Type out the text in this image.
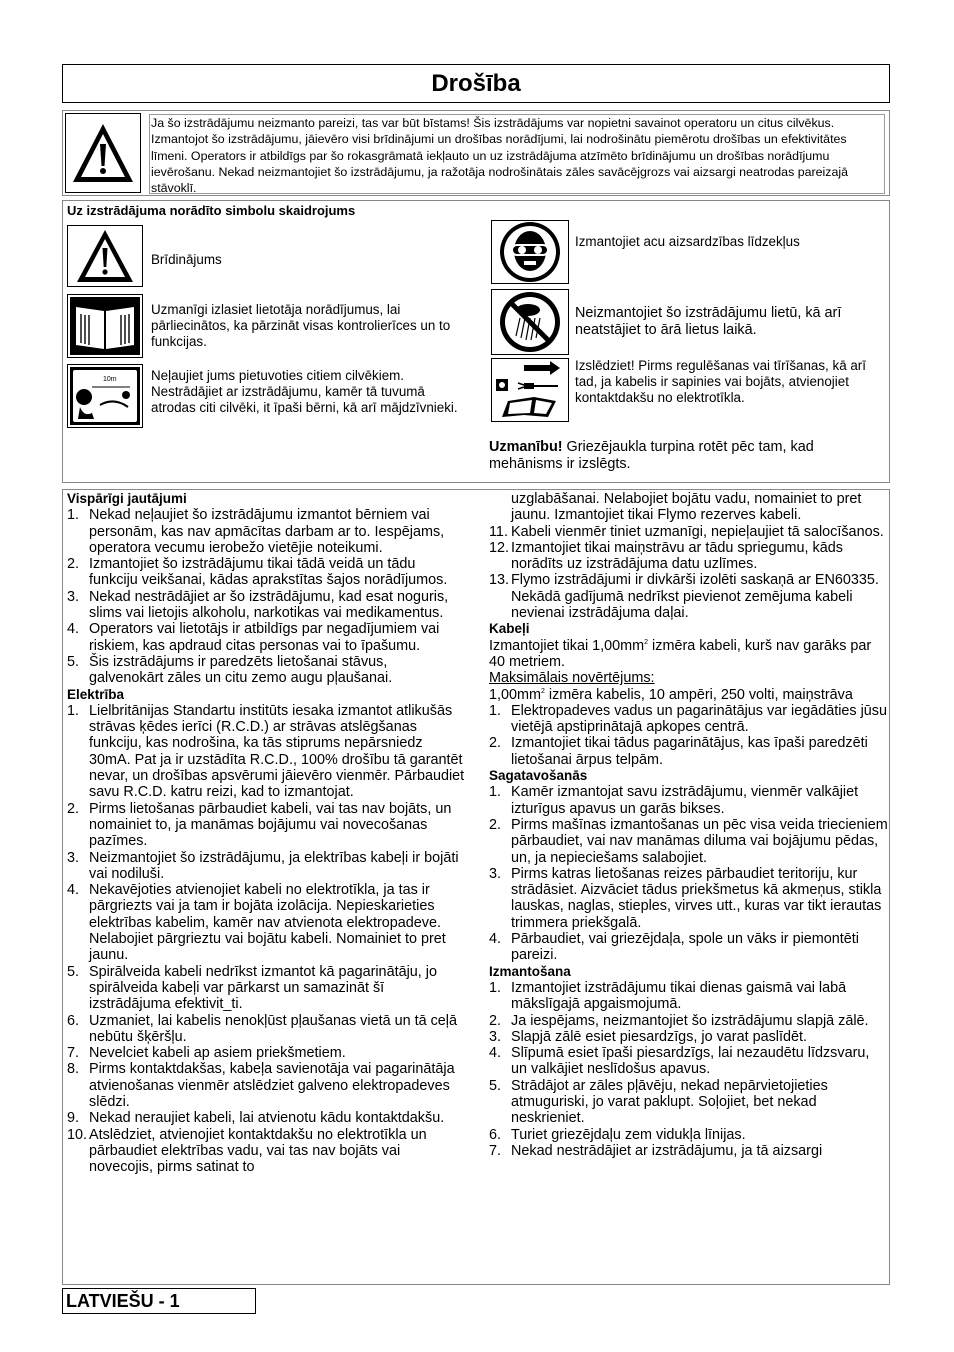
Drošība
Ja šo izstrādājumu neizmanto pareizi, tas var būt bīstams! Šis izstrādājums var nopietni savainot operatoru un citus cilvēkus. Izmantojot šo izstrādājumu, jāievēro visi brīdinājumi un drošības norādījumi, lai nodrošinātu piemērotu drošības un efektivitātes līmeni. Operators ir atbildīgs par šo rokasgrāmatā iekļauto un uz izstrādājuma atzīmēto brīdinājumu un drošības norādījumu ievērošanu. Nekad neizmantojiet šo izstrādājumu, ja ražotāja nodrošinātais zāles savācējgrozs vai aizsargi neatrodas pareizajā stāvoklī.
Uz izstrādājuma norādīto simbolu skaidrojums
Brīdinājums
Uzmanīgi izlasiet lietotāja norādījumus, lai pārliecinātos, ka pārzināt visas kontrolierīces un to funkcijas.
10m	Neļaujiet jums pietuvoties citiem cilvēkiem. Nestrādājiet ar izstrādājumu, kamēr tā tuvumā atrodas citi cilvēki, it īpaši bērni, kā arī mājdzīvnieki.
Izmantojiet acu aizsardzības līdzekļus
Neizmantojiet šo izstrādājumu lietū, kā arī neatstājiet to ārā lietus laikā.
Izslēdziet! Pirms regulēšanas vai tīrīšanas, kā arī tad, ja kabelis ir sapinies vai bojāts, atvienojiet kontaktdakšu no elektrotīkla.
Uzmanību! Griezējaukla turpina rotēt pēc tam, kad mehānisms ir izslēgts.
Vispārīgi jautājumi
1. Nekad neļaujiet šo izstrādājumu izmantot bērniem vai personām, kas nav apmācītas darbam ar to. Iespējams, operatora vecumu ierobežo vietējie noteikumi.
2. Izmantojiet šo izstrādājumu tikai tādā veidā un tādu funkciju veikšanai, kādas aprakstītas šajos norādījumos.
3. Nekad nestrādājiet ar šo izstrādājumu, kad esat noguris, slims vai lietojis alkoholu, narkotikas vai medikamentus.
4. Operators vai lietotājs ir atbildīgs par negadījumiem vai riskiem, kas apdraud citas personas vai to īpašumu.
5. Šis izstrādājums ir paredzēts lietošanai stāvus, galvenokārt zāles un citu zemo augu pļaušanai.
Elektrība
1. Lielbritānijas Standartu institūts iesaka izmantot atlikušās strāvas ķēdes ierīci (R.C.D.) ar strāvas atslēgšanas funkciju, kas nodrošina, ka tās stiprums nepārsniedz 30mA. Pat ja ir uzstādīta R.C.D., 100% drošību tā garantēt nevar, un drošības apsvērumi jāievēro vienmēr. Pārbaudiet savu R.C.D. katru reizi, kad to izmantojat.
2. Pirms lietošanas pārbaudiet kabeli, vai tas nav bojāts, un nomainiet to, ja manāmas bojājumu vai novecošanas pazīmes.
3. Neizmantojiet šo izstrādājumu, ja elektrības kabeļi ir bojāti vai nodiluši.
4. Nekavējoties atvienojiet kabeli no elektrotīkla, ja tas ir pārgriezts vai ja tam ir bojāta izolācija. Nepieskarieties elektrības kabelim, kamēr nav atvienota elektropadeve. Nelabojiet pārgrieztu vai bojātu kabeli. Nomainiet to pret jaunu.
5. Spirālveida kabeli nedrīkst izmantot kā pagarinātāju, jo spirālveida kabeļi var pārkarst un samazināt šī izstrādājuma efektivit_ti.
6. Uzmaniet, lai kabelis nenokļūst pļaušanas vietā un tā ceļā nebūtu šķēršļu.
7. Nevelciet kabeli ap asiem priekšmetiem.
8. Pirms kontaktdakšas, kabeļa savienotāja vai pagarinātāja atvienošanas vienmēr atslēdziet galveno elektropadeves slēdzi.
9. Nekad neraujiet kabeli, lai atvienotu kādu kontaktdakšu.
10. Atslēdziet, atvienojiet kontaktdakšu no elektrotīkla un pārbaudiet elektrības vadu, vai tas nav bojāts vai novecojis, pirms satinat to
uzglabāšanai. Nelabojiet bojātu vadu, nomainiet to pret jaunu. Izmantojiet tikai Flymo rezerves kabeli.
11. Kabeli vienmēr tiniet uzmanīgi, nepieļaujiet tā salocīšanos.
12. Izmantojiet tikai maiņstrāvu ar tādu spriegumu, kāds norādīts uz izstrādājuma datu uzlīmes.
13. Flymo izstrādājumi ir divkārši izolēti saskaņā ar EN60335. Nekādā gadījumā nedrīkst pievienot zemējuma kabeli nevienai izstrādājuma daļai.
Kabeļi
Izmantojiet tikai $1,00mm^2$ izmēra kabeli, kurš nav garāks par 40 metriem.
Maksimālais novērtējums:
$1,00mm^2$ izmēra kabelis, 10 ampēri, 250 volti, maiņstrāva
1. Elektropadeves vadus un pagarinātājus var iegādāties jūsu vietējā apstiprinātajā apkopes centrā.
2. Izmantojiet tikai tādus pagarinātājus, kas īpaši paredzēti lietošanai ārpus telpām.
Sagatavošanās
1. Kamēr izmantojat savu izstrādājumu, vienmēr valkājiet izturīgus apavus un garās bikses.
2. Pirms mašīnas izmantošanas un pēc visa veida triecieniem pārbaudiet, vai nav manāmas diluma vai bojājumu pēdas, un, ja nepieciešams salabojiet.
3. Pirms katras lietošanas reizes pārbaudiet teritoriju, kur strādāsiet. Aizvāciet tādus priekšmetus kā akmeņus, stikla lauskas, naglas, stieples, virves utt., kuras var tikt ierautas trimmera priekšgalā.
4. Pārbaudiet, vai griezējdaļa, spole un vāks ir piemontēti pareizi.
Izmantošana
1. Izmantojiet izstrādājumu tikai dienas gaismā vai labā mākslīgajā apgaismojumā.
2. Ja iespējams, neizmantojiet šo izstrādājumu slapjā zālē.
3. Slapjā zālē esiet piesardzīgs, jo varat paslīdēt.
4. Slīpumā esiet īpaši piesardzīgs, lai nezaudētu līdzsvaru, un valkājiet neslīdošus apavus.
5. Strādājot ar zāles pļāvēju, nekad nepārvietojieties atmuguriski, jo varat paklupt. Soļojiet, bet nekad neskrieniet.
6. Turiet griezējdaļu zem vidukļa līnijas.
7. Nekad nestrādājiet ar izstrādājumu, ja tā aizsargi
LATVIEŠU - 1
